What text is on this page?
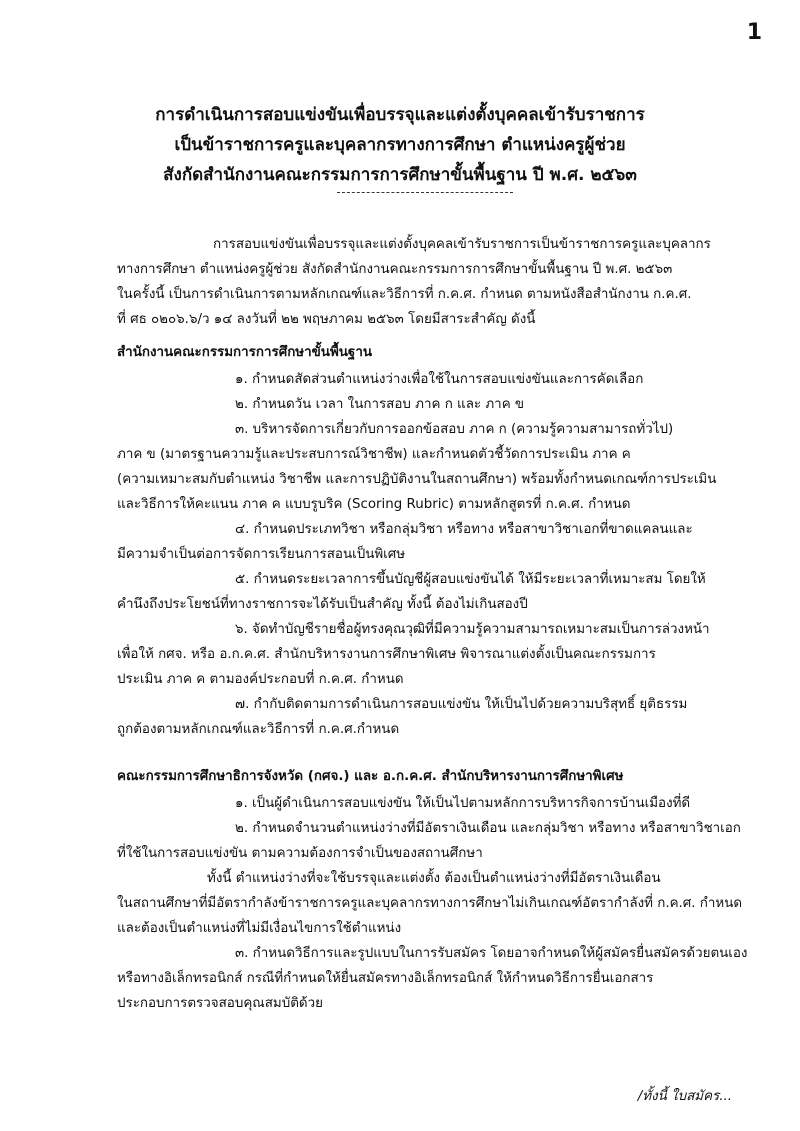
1
การดำเนินการสอบแข่งขันเพื่อบรรจุและแต่งตั้งบุคคลเข้ารับราชการ
เป็นข้าราชการครูและบุคลากรทางการศึกษา ตำแหน่งครูผู้ช่วย
สังกัดสำนักงานคณะกรรมการการศึกษาขั้นพื้นฐาน ปี พ.ศ. ๒๕๖๓

การสอบแข่งขันเพื่อบรรจุและแต่งตั้งบุคคลเข้ารับราชการเป็นข้าราชการครูและบุคลากร

ทางการศึกษา ตำแหน่งครูผู้ช่วย สังกัดสำนักงานคณะกรรมการการศึกษาขั้นพื้นฐาน ปี พ.ศ. ๒๕๖๓

ในครั้งนี้ เป็นการดำเนินการตามหลักเกณฑ์และวิธีการที่ ก.ค.ศ. กำหนด ตามหนังสือสำนักงาน ก.ค.ศ.

ที่ ศธ ๐๒๐๖.๖/ว ๑๔ ลงวันที่ ๒๒ พฤษภาคม ๒๕๖๓ โดยมีสาระสำคัญ ดังนี้

สำนักงานคณะกรรมการการศึกษาขั้นพื้นฐาน

๑. กำหนดสัดส่วนตำแหน่งว่างเพื่อใช้ในการสอบแข่งขันและการคัดเลือก

๒. กำหนดวัน เวลา ในการสอบ ภาค ก และ ภาค ข

๓. บริหารจัดการเกี่ยวกับการออกข้อสอบ ภาค ก (ความรู้ความสามารถทั่วไป)

ภาค ข (มาตรฐานความรู้และประสบการณ์วิชาชีพ) และกำหนดตัวชี้วัดการประเมิน ภาค ค

(ความเหมาะสมกับตำแหน่ง วิชาชีพ และการปฏิบัติงานในสถานศึกษา) พร้อมทั้งกำหนดเกณฑ์การประเมิน

และวิธีการให้คะแนน ภาค ค แบบรูบริค (Scoring Rubric) ตามหลักสูตรที่ ก.ค.ศ. กำหนด

๔. กำหนดประเภทวิชา หรือกลุ่มวิชา หรือทาง หรือสาขาวิชาเอกที่ขาดแคลนและ

มีความจำเป็นต่อการจัดการเรียนการสอนเป็นพิเศษ

๕. กำหนดระยะเวลาการขึ้นบัญชีผู้สอบแข่งขันได้ ให้มีระยะเวลาที่เหมาะสม โดยให้

คำนึงถึงประโยชน์ที่ทางราชการจะได้รับเป็นสำคัญ ทั้งนี้ ต้องไม่เกินสองปี

๖. จัดทำบัญชีรายชื่อผู้ทรงคุณวุฒิที่มีความรู้ความสามารถเหมาะสมเป็นการล่วงหน้า

เพื่อให้ กศจ. หรือ อ.ก.ค.ศ. สำนักบริหารงานการศึกษาพิเศษ พิจารณาแต่งตั้งเป็นคณะกรรมการ

ประเมิน ภาค ค ตามองค์ประกอบที่ ก.ค.ศ. กำหนด

๗. กำกับติดตามการดำเนินการสอบแข่งขัน ให้เป็นไปด้วยความบริสุทธิ์ ยุติธรรม

ถูกต้องตามหลักเกณฑ์และวิธีการที่ ก.ค.ศ.กำหนด

คณะกรรมการศึกษาธิการจังหวัด (กศจ.) และ อ.ก.ค.ศ. สำนักบริหารงานการศึกษาพิเศษ

๑. เป็นผู้ดำเนินการสอบแข่งขัน ให้เป็นไปตามหลักการบริหารกิจการบ้านเมืองที่ดี

๒. กำหนดจำนวนตำแหน่งว่างที่มีอัตราเงินเดือน และกลุ่มวิชา หรือทาง หรือสาขาวิชาเอก

ที่ใช้ในการสอบแข่งขัน ตามความต้องการจำเป็นของสถานศึกษา

ทั้งนี้ ตำแหน่งว่างที่จะใช้บรรจุและแต่งตั้ง ต้องเป็นตำแหน่งว่างที่มีอัตราเงินเดือน

ในสถานศึกษาที่มีอัตรากำลังข้าราชการครูและบุคลากรทางการศึกษาไม่เกินเกณฑ์อัตรากำลังที่ ก.ค.ศ. กำหนด

และต้องเป็นตำแหน่งที่ไม่มีเงื่อนไขการใช้ตำแหน่ง

๓. กำหนดวิธีการและรูปแบบในการรับสมัคร โดยอาจกำหนดให้ผู้สมัครยื่นสมัครด้วยตนเอง

หรือทางอิเล็กทรอนิกส์ กรณีที่กำหนดให้ยื่นสมัครทางอิเล็กทรอนิกส์ ให้กำหนดวิธีการยื่นเอกสาร

ประกอบการตรวจสอบคุณสมบัติด้วย

/ทั้งนี้ ใบสมัคร...
